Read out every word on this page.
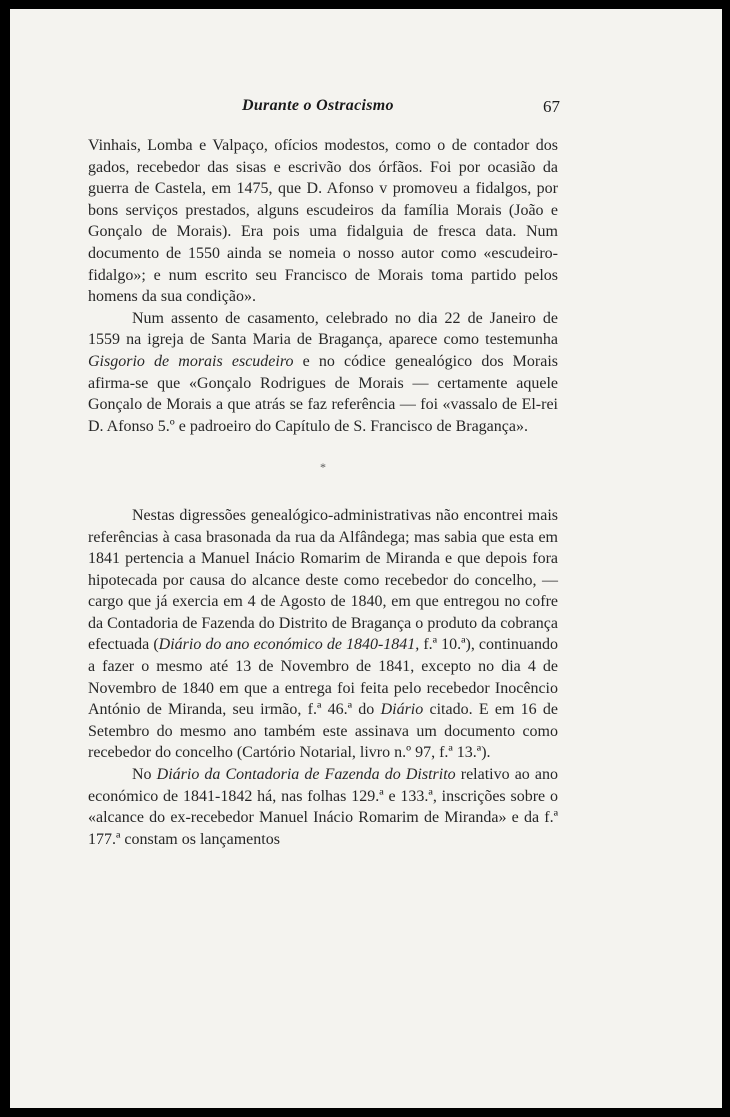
Durante o Ostracismo	67

Vinhais, Lomba e Valpaço, ofícios modestos, como o de contador dos gados, recebedor das sisas e escrivão dos órfãos. Foi por ocasião da guerra de Castela, em 1475, que D. Afonso v promoveu a fidalgos, por bons serviços prestados, alguns escudeiros da família Morais (João e Gonçalo de Morais). Era pois uma fidalguia de fresca data. Num documento de 1550 ainda se nomeia o nosso autor como «escudeiro-fidalgo»; e num escrito seu Francisco de Morais toma partido pelos homens da sua condição».

Num assento de casamento, celebrado no dia 22 de Janeiro de 1559 na igreja de Santa Maria de Bragança, aparece como testemunha Gisgorio de morais escudeiro e no códice genealógico dos Morais afirma-se que «Gonçalo Rodrigues de Morais — certamente aquele Gonçalo de Morais a que atrás se faz referência — foi «vassalo de El-rei D. Afonso 5.º e padroeiro do Capítulo de S. Francisco de Bragança».

*

Nestas digressões genealógico-administrativas não encontrei mais referências à casa brasonada da rua da Alfândega; mas sabia que esta em 1841 pertencia a Manuel Inácio Romarim de Miranda e que depois fora hipotecada por causa do alcance deste como recebedor do concelho, — cargo que já exercia em 4 de Agosto de 1840, em que entregou no cofre da Contadoria de Fazenda do Distrito de Bragança o produto da cobrança efectuada (Diário do ano económico de 1840-1841, f.ª 10.ª), continuando a fazer o mesmo até 13 de Novembro de 1841, excepto no dia 4 de Novembro de 1840 em que a entrega foi feita pelo recebedor Inocêncio António de Miranda, seu irmão, f.ª 46.ª do Diário citado. E em 16 de Setembro do mesmo ano também este assinava um documento como recebedor do concelho (Cartório Notarial, livro n.º 97, f.ª 13.ª).

No Diário da Contadoria de Fazenda do Distrito relativo ao ano económico de 1841-1842 há, nas folhas 129.ª e 133.ª, inscrições sobre o «alcance do ex-recebedor Manuel Inácio Romarim de Miranda» e da f.ª 177.ª constam os lançamentos
